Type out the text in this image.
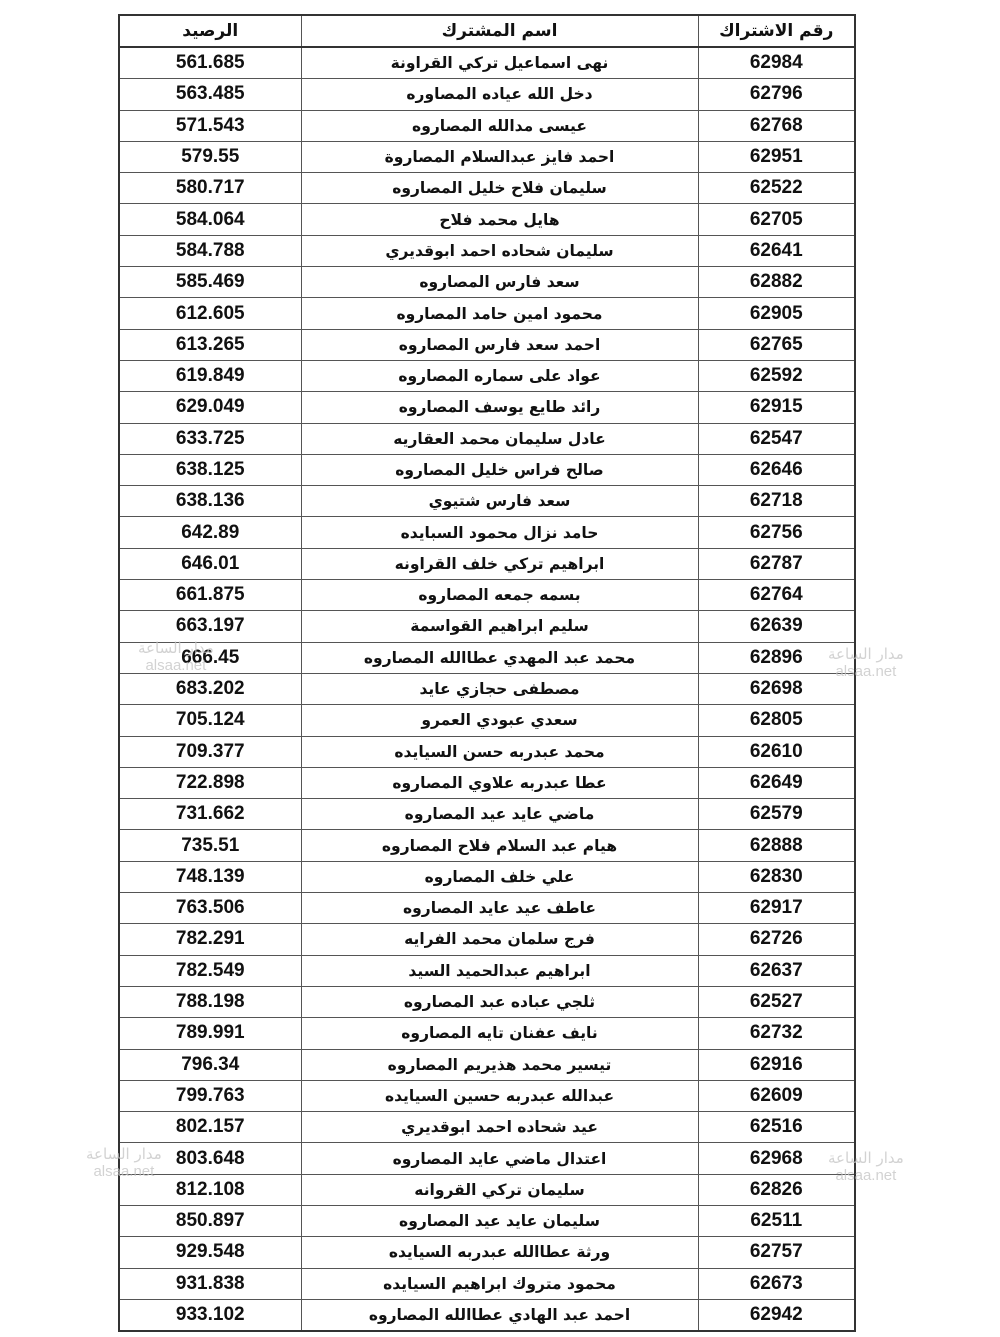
رقم الاشتراك	اسم المشترك	الرصيد
62984	نهى اسماعيل تركي القراونة	561.685
62796	دخل الله عياده المصاوره	563.485
62768	عيسى مدالله المصاروه	571.543
62951	احمد فايز عبدالسلام المصاروة	579.55
62522	سليمان فلاح خليل المصاروه	580.717
62705	هايل محمد فلاح	584.064
62641	سليمان شحاده احمد ابوقديري	584.788
62882	سعد فارس المصاروه	585.469
62905	محمود امين حامد المصاروه	612.605
62765	احمد سعد فارس المصاروه	613.265
62592	عواد على سماره المصاروه	619.849
62915	رائد طايع يوسف المصاروه	629.049
62547	عادل سليمان محمد العقاريه	633.725
62646	صالح فراس خليل المصاروه	638.125
62718	سعد فارس شتيوي	638.136
62756	حامد نزال محمود السبايده	642.89
62787	ابراهيم تركي خلف القراونه	646.01
62764	بسمه جمعه المصاروه	661.875
62639	سليم ابراهيم القواسمة	663.197
62896	محمد عبد المهدي عطاالله المصاروه	666.45
62698	مصطفى حجازي عايد	683.202
62805	سعدي عبودي العمرو	705.124
62610	محمد عبدربه حسن السيايده	709.377
62649	عطا عبدربه علاوي المصاروه	722.898
62579	ماضي عايد عيد المصاروه	731.662
62888	هيام عبد السلام فلاح المصاروه	735.51
62830	علي خلف المصاروه	748.139
62917	عاطف عيد عايد المصاروه	763.506
62726	فرج سلمان محمد الفرايه	782.291
62637	ابراهيم عبدالحميد السيد	782.549
62527	ثلجي عباده عبد المصاروه	788.198
62732	نايف عفنان تايه المصاروه	789.991
62916	تيسير محمد هذيريم المصاروه	796.34
62609	عبدالله عبدربه حسين السيايده	799.763
62516	عيد شحاده احمد ابوقديري	802.157
62968	اعتدال ماضي عايد المصاروه	803.648
62826	سليمان تركي القروانه	812.108
62511	سليمان عايد عيد المصاروه	850.897
62757	ورثة عطاالله عبدربه السيايده	929.548
62673	محمود متروك ابراهيم السيايده	931.838
62942	احمد عبد الهادي عطاالله المصاروه	933.102
مدار الساعة
alsaa.net
مدار الساعة
alsaa.net
مدار الساعة
alsaa.net
مدار الساعة
alsaa.net
